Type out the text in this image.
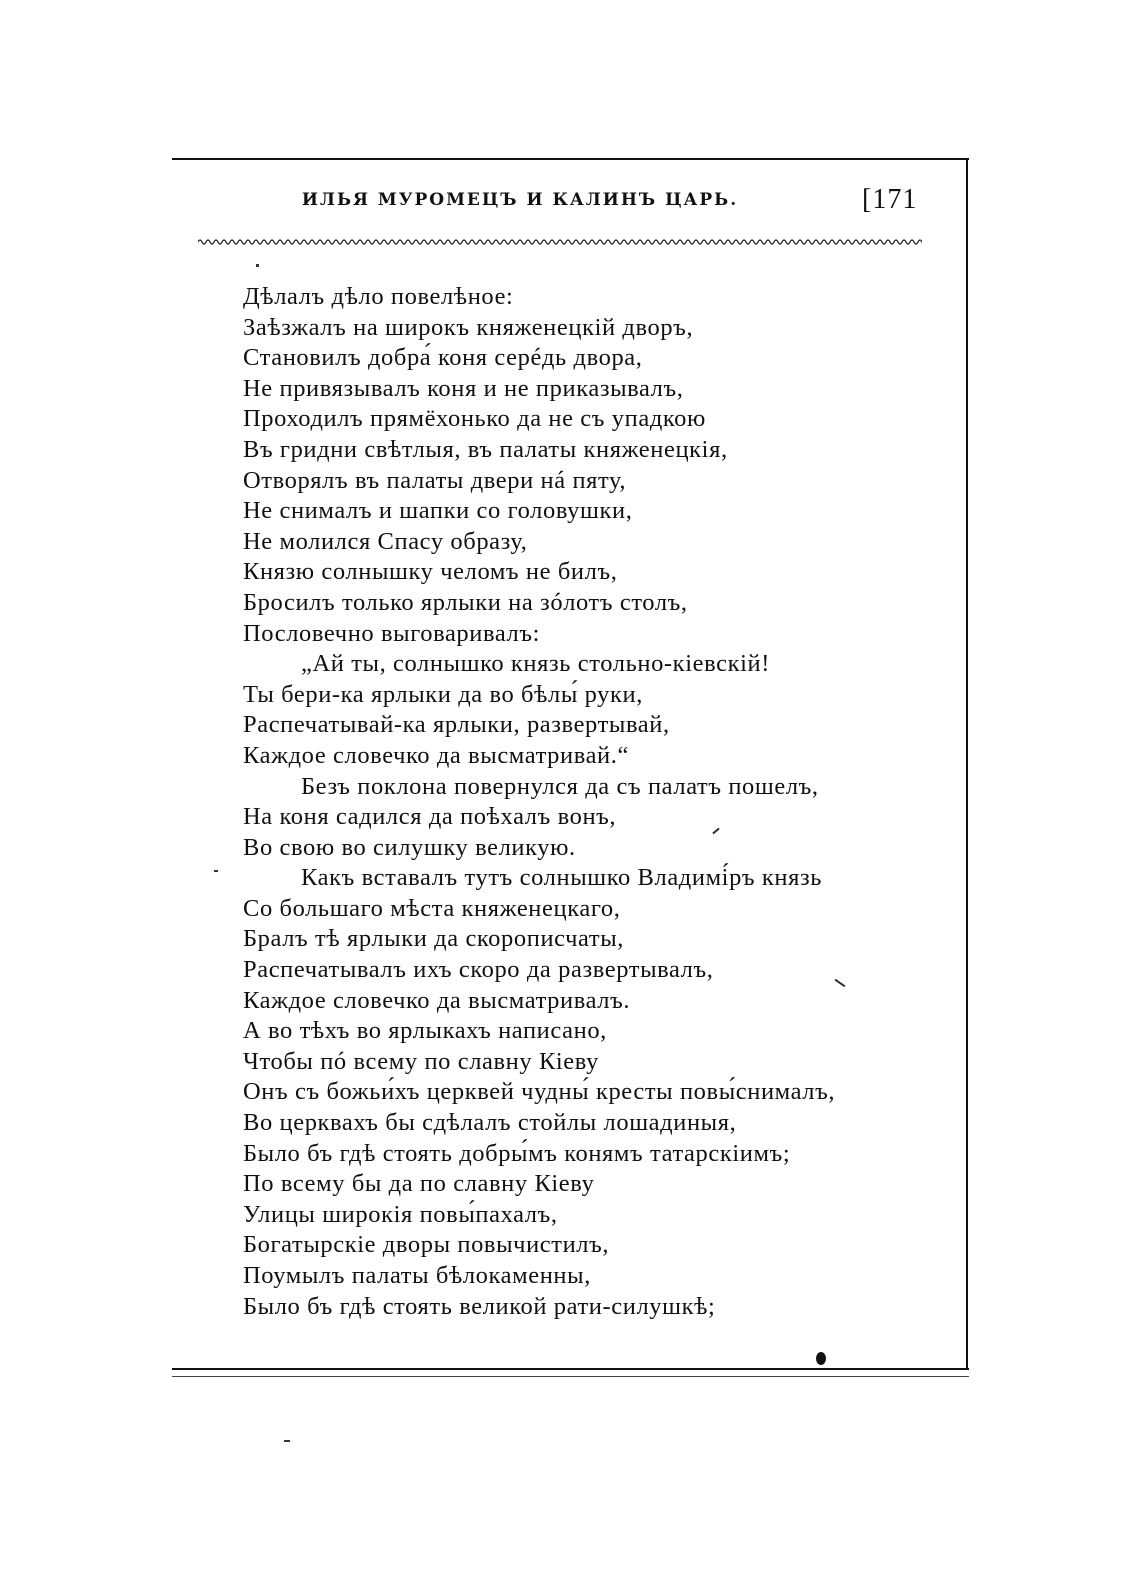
ИЛЬЯ МУРОМЕЦЪ И КАЛИНЪ ЦАРЬ.	[171
Дѣлалъ дѣло повелѣное:
Заѣзжалъ на широкъ княженецкій дворъ,
Становилъ добра́ коня серéдь двора,
Не привязывалъ коня и не приказывалъ,
Проходилъ прямёхонько да не съ упадкою
Въ гридни свѣтлыя, въ палаты княженецкія,
Отворялъ въ палаты двери нá пяту,
Не снималъ и шапки со головушки,
Не молился Спасу образу,
Князю солнышку челомъ не билъ,
Бросилъ только ярлыки на зóлотъ столъ,
Пословечно выговаривалъ:
„Ай ты, солнышко князь стольно-кіевскій!
Ты бери-ка ярлыки да во бѣлы́ руки,
Распечатывай-ка ярлыки, развертывай,
Каждое словечко да высматривай.“
Безъ поклона повернулся да съ палатъ пошелъ,
На коня садился да поѣхалъ вонъ,
Во свою во силушку великую.
Какъ вставалъ тутъ солнышко Владимі́ръ князь
Со большаго мѣста княженецкаго,
Бралъ тѣ ярлыки да скорописчаты,
Распечатывалъ ихъ скоро да развертывалъ,
Каждое словечко да высматривалъ.
А во тѣхъ во ярлыкахъ написано,
Чтобы пó всему по славну Кіеву
Онъ съ божьи́хъ церквей чудны́ кресты повы́снималъ,
Во церквахъ бы сдѣлалъ стойлы лошадиныя,
Было бъ гдѣ стоять добры́мъ конямъ татарскіимъ;
По всему бы да по славну Кіеву
Улицы широкія повы́пахалъ,
Богатырскіе дворы повычистилъ,
Поумылъ палаты бѣлокаменны,
Было бъ гдѣ стоять великой рати-силушкѣ;
